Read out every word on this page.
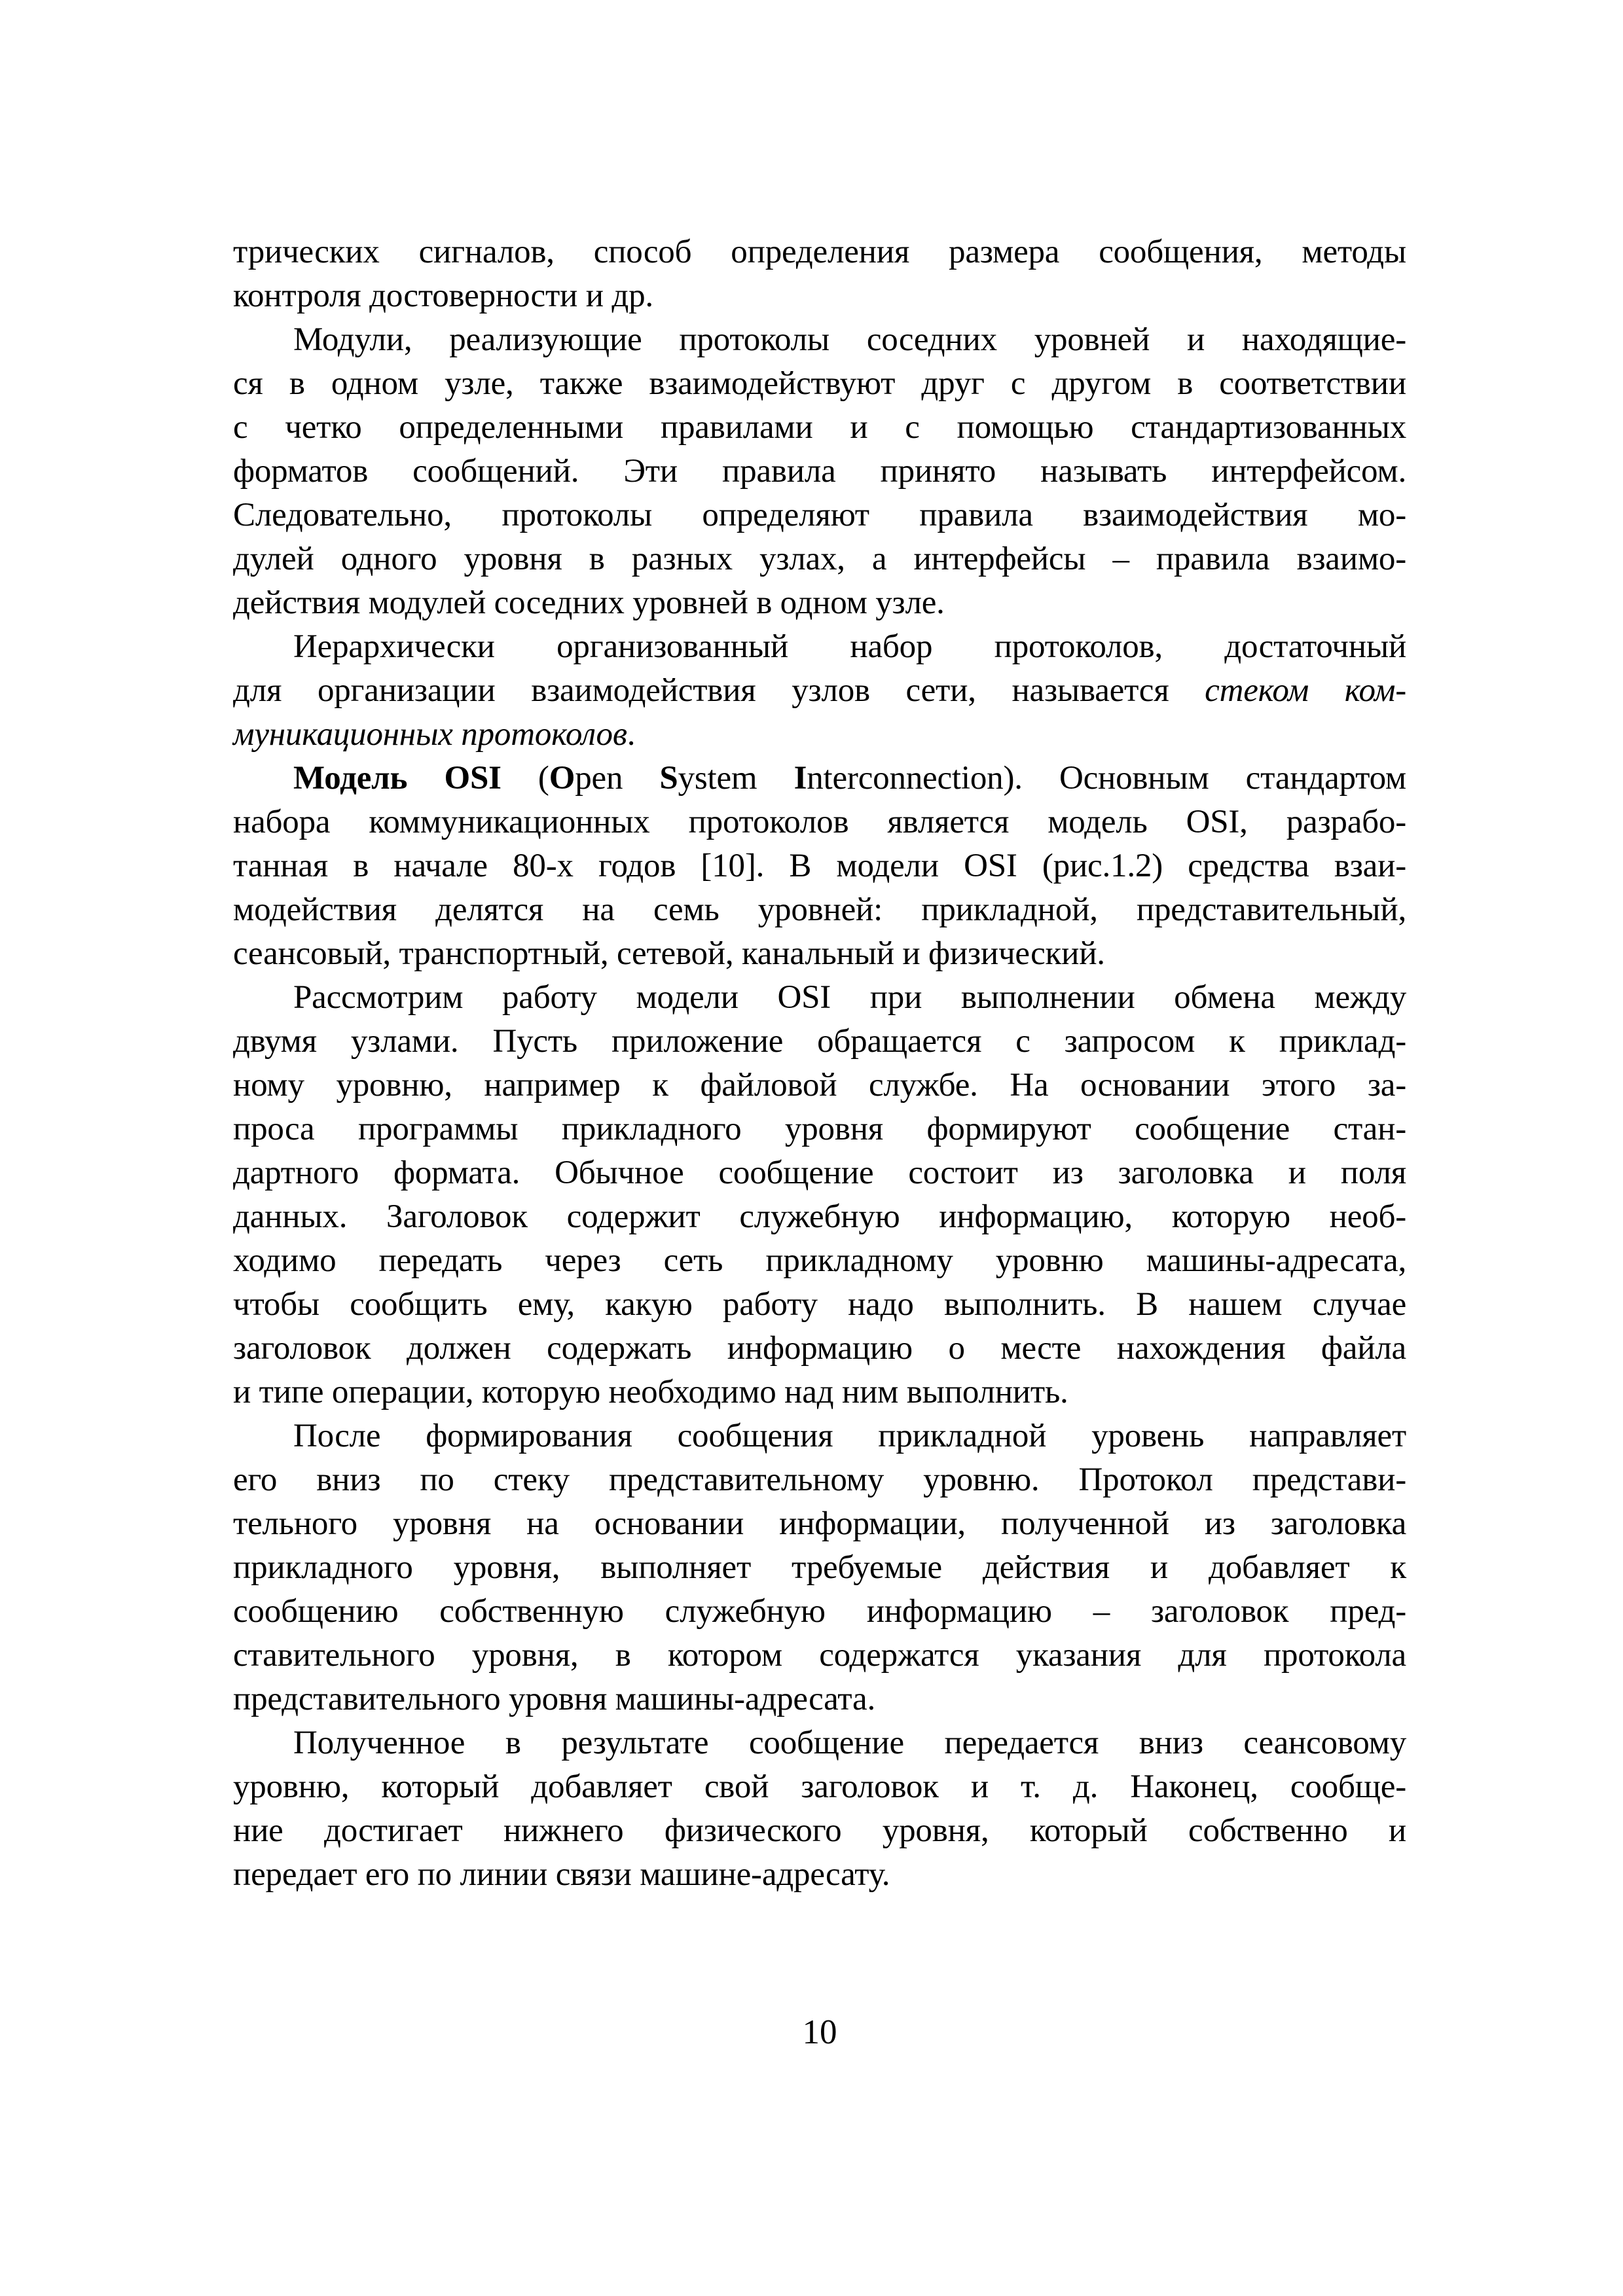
трических сигналов, способ определения размера сообщения, методы
контроля достоверности и др.
Модули, реализующие протоколы соседних уровней и находящие-
ся в одном узле, также взаимодействуют друг с другом в соответствии
с четко определенными правилами и с помощью стандартизованных
форматов сообщений. Эти правила принято называть интерфейсом.
Следовательно, протоколы определяют правила взаимодействия мо-
дулей одного уровня в разных узлах, а интерфейсы – правила взаимо-
действия модулей соседних уровней в одном узле.
Иерархически организованный набор протоколов, достаточный
для организации взаимодействия узлов сети, называется стеком ком-
муникационных протоколов.
Модель OSI (Open System Interconnection). Основным стандартом
набора коммуникационных протоколов является модель OSI, разрабо-
танная в начале 80-х годов [10]. В модели OSI (рис.1.2) средства взаи-
модействия делятся на семь уровней: прикладной, представительный,
сеансовый, транспортный, сетевой, канальный и физический.
Рассмотрим работу модели OSI при выполнении обмена между
двумя узлами. Пусть приложение обращается с запросом к приклад-
ному уровню, например к файловой службе. На основании этого за-
проса программы прикладного уровня формируют сообщение стан-
дартного формата. Обычное сообщение состоит из заголовка и поля
данных. Заголовок содержит служебную информацию, которую необ-
ходимо передать через сеть прикладному уровню машины-адресата,
чтобы сообщить ему, какую работу надо выполнить. В нашем случае
заголовок должен содержать информацию о месте нахождения файла
и типе операции, которую необходимо над ним выполнить.
После формирования сообщения прикладной уровень направляет
его вниз по стеку представительному уровню. Протокол представи-
тельного уровня на основании информации, полученной из заголовка
прикладного уровня, выполняет требуемые действия и добавляет к
сообщению собственную служебную информацию – заголовок пред-
ставительного уровня, в котором содержатся указания для протокола
представительного уровня машины-адресата.
Полученное в результате сообщение передается вниз сеансовому
уровню, который добавляет свой заголовок и т. д. Наконец, сообще-
ние достигает нижнего физического уровня, который собственно и
передает его по линии связи машине-адресату.
10
